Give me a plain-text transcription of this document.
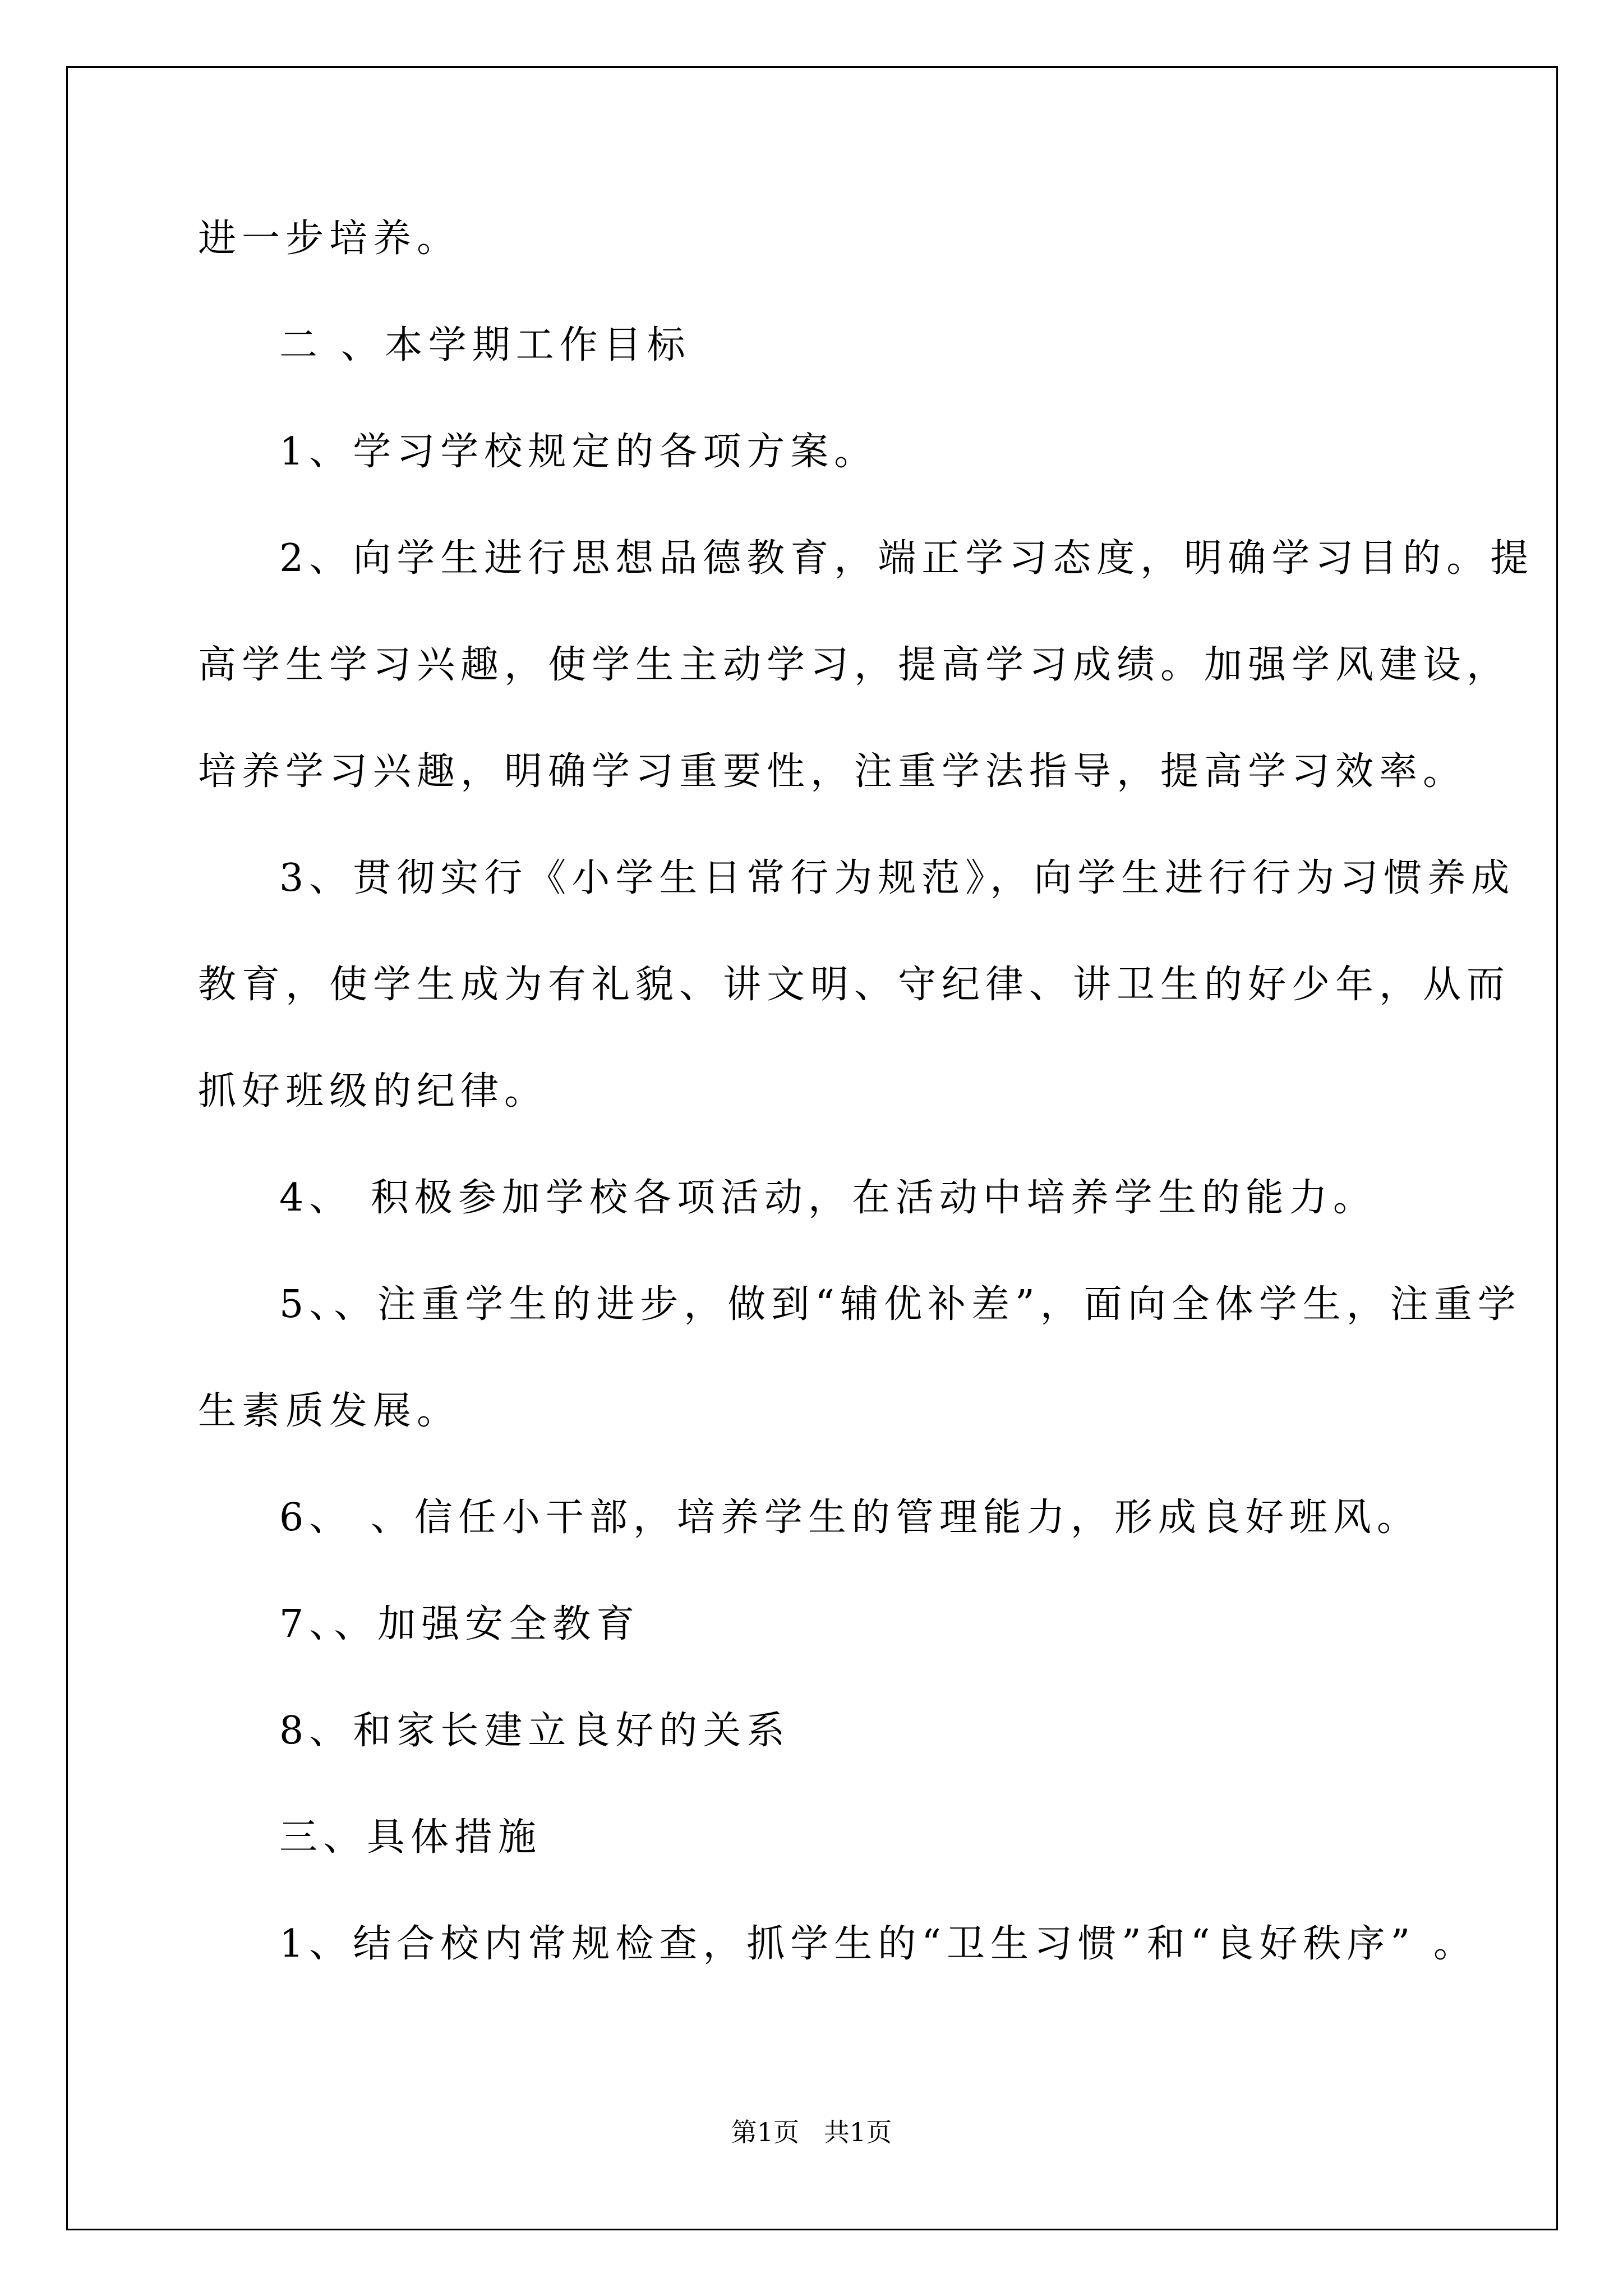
进一步培养。
二 、本学期工作目标
1、学习学校规定的各项方案。
2、向学生进行思想品德教育，端正学习态度，明确学习目的。提
高学生学习兴趣，使学生主动学习，提高学习成绩。加强学风建设，
培养学习兴趣，明确学习重要性，注重学法指导，提高学习效率。
3、贯彻实行《小学生日常行为规范》，向学生进行行为习惯养成
教育，使学生成为有礼貌、讲文明、守纪律、讲卫生的好少年，从而
抓好班级的纪律。
4、 积极参加学校各项活动，在活动中培养学生的能力。
5、、注重学生的进步，做到“辅优补差”，面向全体学生，注重学
生素质发展。
6、 、信任小干部，培养学生的管理能力，形成良好班风。
7、、加强安全教育
8、和家长建立良好的关系
三、具体措施
1、结合校内常规检查，抓学生的“卫生习惯”和“良好秩序” 。
第1页   共1页
